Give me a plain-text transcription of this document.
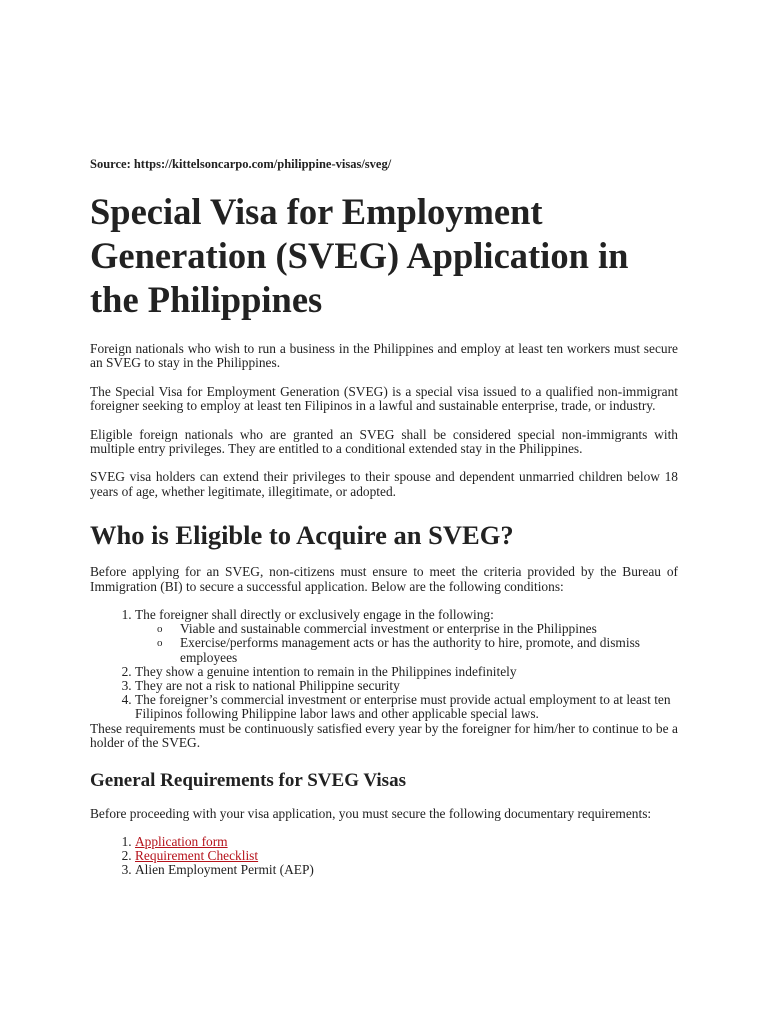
Source: https://kittelsoncarpo.com/philippine-visas/sveg/
Special Visa for Employment Generation (SVEG) Application in the Philippines

Foreign nationals who wish to run a business in the Philippines and employ at least ten workers must secure an SVEG to stay in the Philippines.

The Special Visa for Employment Generation (SVEG) is a special visa issued to a qualified non-immigrant foreigner seeking to employ at least ten Filipinos in a lawful and sustainable enterprise, trade, or industry.

Eligible foreign nationals who are granted an SVEG shall be considered special non-immigrants with multiple entry privileges. They are entitled to a conditional extended stay in the Philippines.

SVEG visa holders can extend their privileges to their spouse and dependent unmarried children below 18 years of age, whether legitimate, illegitimate, or adopted.

Who is Eligible to Acquire an SVEG?

Before applying for an SVEG, non-citizens must ensure to meet the criteria provided by the Bureau of Immigration (BI) to secure a successful application. Below are the following conditions:

1. The foreigner shall directly or exclusively engage in the following:
o Viable and sustainable commercial investment or enterprise in the Philippines
o Exercise/performs management acts or has the authority to hire, promote, and dismiss employees
2. They show a genuine intention to remain in the Philippines indefinitely
3. They are not a risk to national Philippine security
4. The foreigner’s commercial investment or enterprise must provide actual employment to at least ten Filipinos following Philippine labor laws and other applicable special laws.

These requirements must be continuously satisfied every year by the foreigner for him/her to continue to be a holder of the SVEG.

General Requirements for SVEG Visas

Before proceeding with your visa application, you must secure the following documentary requirements:

1. Application form
2. Requirement Checklist
3. Alien Employment Permit (AEP)
